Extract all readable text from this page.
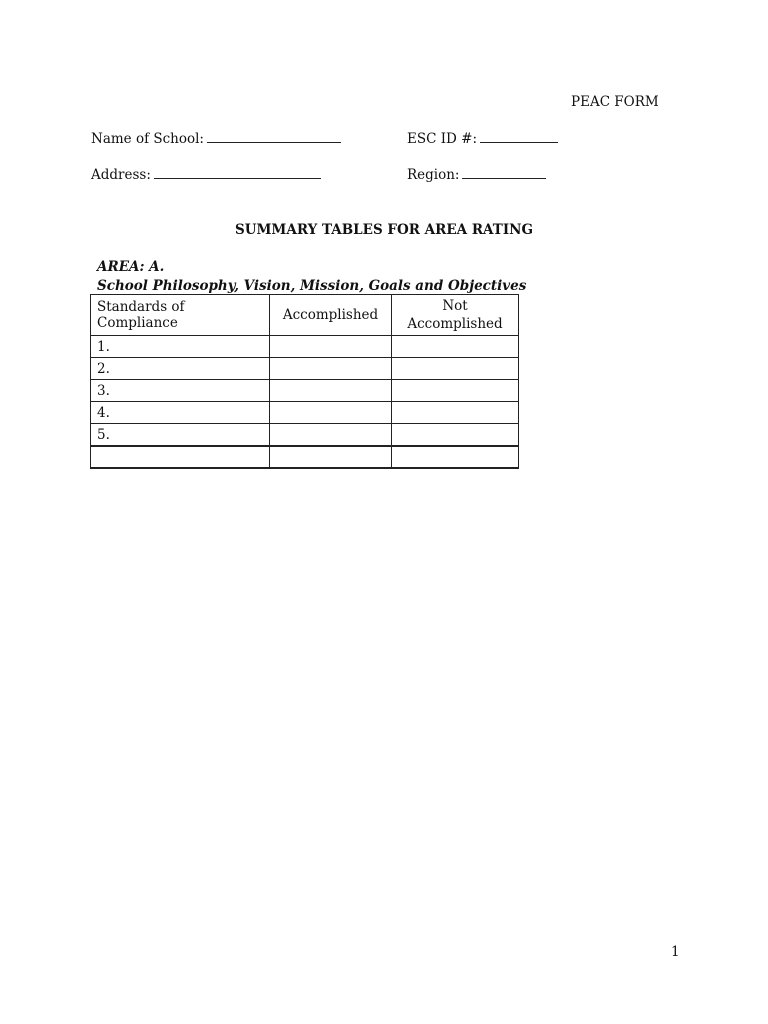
PEAC FORM
Name of School:	ESC ID #:
Address:	Region:
SUMMARY TABLES FOR AREA RATING
AREA: A.
School Philosophy, Vision, Mission, Goals and Objectives
Standards of Compliance	Accomplished	Not
Accomplished

1.		
2.		
3.		
4.		
5.		

1
